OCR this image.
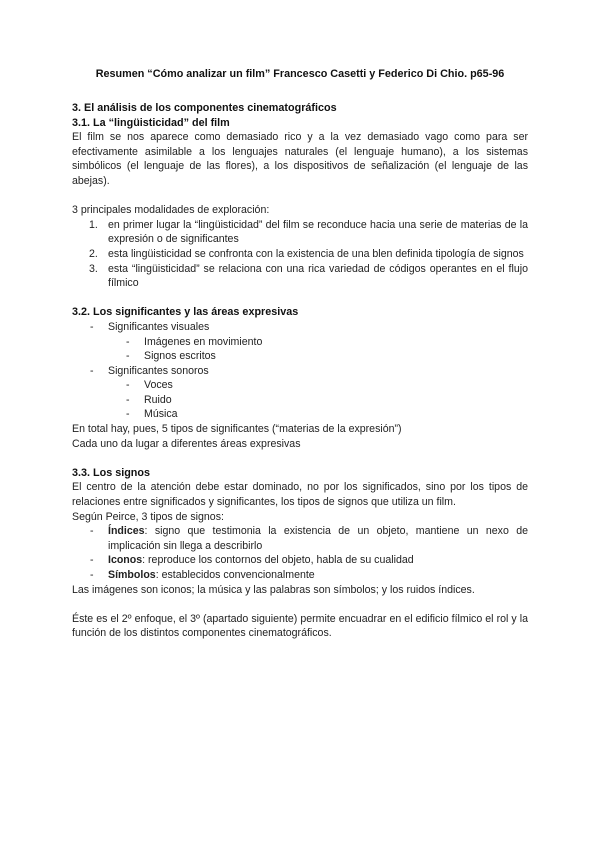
Resumen “Cómo analizar un film” Francesco Casetti y Federico Di Chio. p65-96
3. El análisis de los componentes cinematográficos
3.1. La “lingüisticidad” del film

El film se nos aparece como demasiado rico y a la vez demasiado vago como para ser efectivamente asimilable a los lenguajes naturales (el lenguaje humano), a los sistemas simbólicos (el lenguaje de las flores), a los dispositivos de señalización (el lenguaje de las abejas).

3 principales modalidades de exploración:

1. en primer lugar la “lingüisticidad” del film se reconduce hacia una serie de materias de la expresión o de significantes
2. esta lingüisticidad se confronta con la existencia de una blen definida tipología de signos
3. esta “lingüisticidad” se relaciona con una rica variedad de códigos operantes en el flujo fílmico
3.2. Los significantes y las áreas expresivas
- Significantes visuales
- Imágenes en movimiento
- Signos escritos
- Significantes sonoros
- Voces
- Ruido
- Música

En total hay, pues, 5 tipos de significantes (“materias de la expresión”)

Cada uno da lugar a diferentes áreas expresivas

3.3. Los signos

El centro de la atención debe estar dominado, no por los significados, sino por los tipos de relaciones entre significados y significantes, los tipos de signos que utiliza un film.

Según Peirce, 3 tipos de signos:

- Índices: signo que testimonia la existencia de un objeto, mantiene un nexo de implicación sin llega a describirlo
- Iconos: reproduce los contornos del objeto, habla de su cualidad
- Símbolos: establecidos convencionalmente

Las imágenes son iconos; la música y las palabras son símbolos; y los ruidos índices.

Éste es el 2º enfoque, el 3º (apartado siguiente) permite encuadrar en el edificio fílmico el rol y la función de los distintos componentes cinematográficos.
